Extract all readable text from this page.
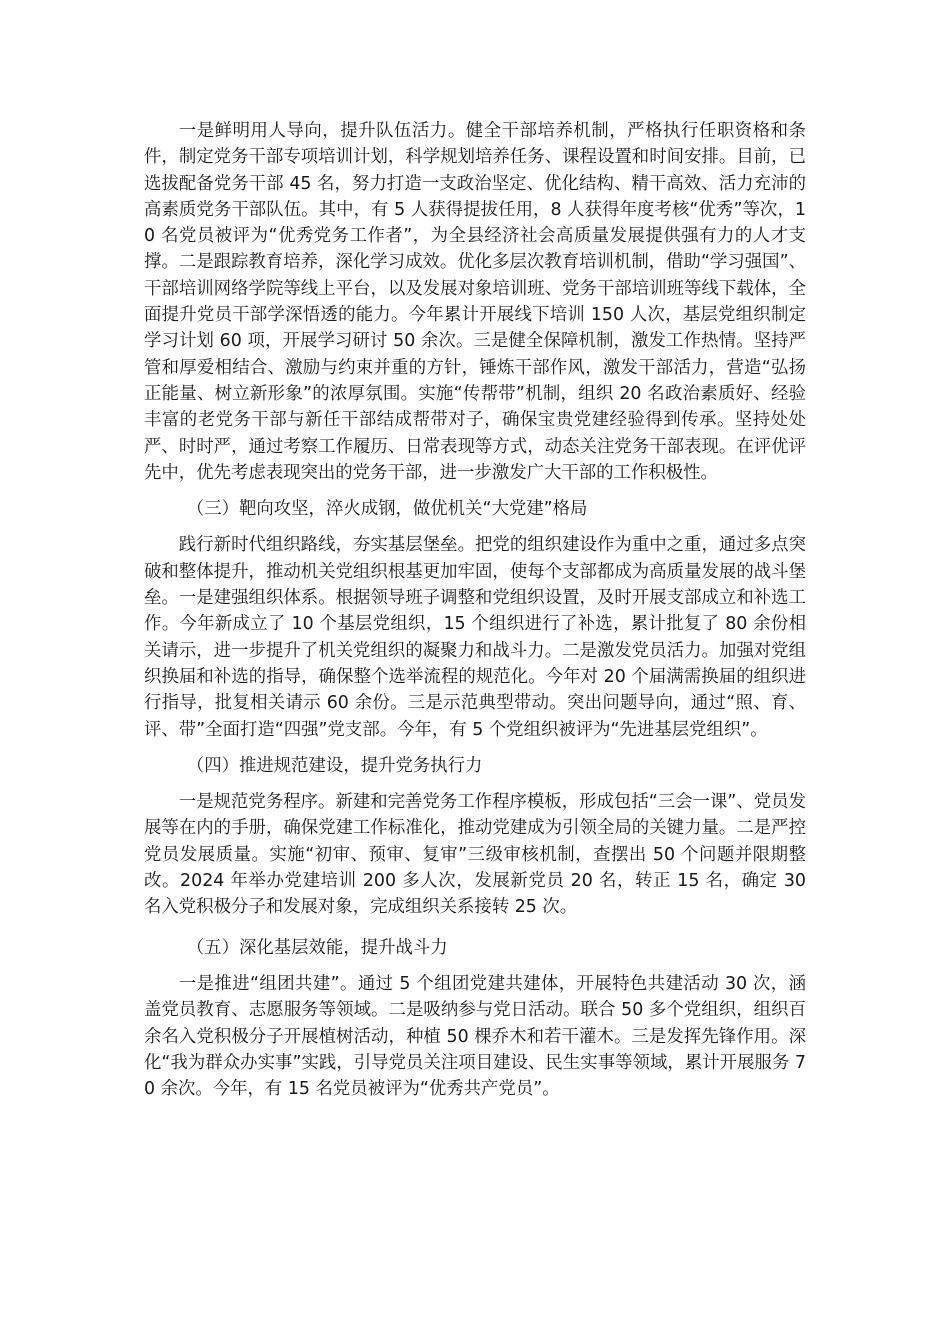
一是鲜明用人导向，提升队伍活力。健全干部培养机制，严格执行任职资格和条件，制定党务干部专项培训计划，科学规划培养任务、课程设置和时间安排。目前，已选拔配备党务干部 45 名，努力打造一支政治坚定、优化结构、精干高效、活力充沛的高素质党务干部队伍。其中，有 5 人获得提拔任用，8 人获得年度考核“优秀”等次，10 名党员被评为“优秀党务工作者”，为全县经济社会高质量发展提供强有力的人才支撑。二是跟踪教育培养，深化学习成效。优化多层次教育培训机制，借助“学习强国”、干部培训网络学院等线上平台，以及发展对象培训班、党务干部培训班等线下载体，全面提升党员干部学深悟透的能力。今年累计开展线下培训 150 人次，基层党组织制定学习计划 60 项，开展学习研讨 50 余次。三是健全保障机制，激发工作热情。坚持严管和厚爱相结合、激励与约束并重的方针，锤炼干部作风，激发干部活力，营造“弘扬正能量、树立新形象”的浓厚氛围。实施“传帮带”机制，组织 20 名政治素质好、经验丰富的老党务干部与新任干部结成帮带对子，确保宝贵党建经验得到传承。坚持处处严、时时严，通过考察工作履历、日常表现等方式，动态关注党务干部表现。在评优评先中，优先考虑表现突出的党务干部，进一步激发广大干部的工作积极性。

（三）靶向攻坚，淬火成钢，做优机关“大党建”格局

践行新时代组织路线，夯实基层堡垒。把党的组织建设作为重中之重，通过多点突破和整体提升，推动机关党组织根基更加牢固，使每个支部都成为高质量发展的战斗堡垒。一是建强组织体系。根据领导班子调整和党组织设置，及时开展支部成立和补选工作。今年新成立了 10 个基层党组织，15 个组织进行了补选，累计批复了 80 余份相关请示，进一步提升了机关党组织的凝聚力和战斗力。二是激发党员活力。加强对党组织换届和补选的指导，确保整个选举流程的规范化。今年对 20 个届满需换届的组织进行指导，批复相关请示 60 余份。三是示范典型带动。突出问题导向，通过“照、育、评、带”全面打造“四强”党支部。今年，有 5 个党组织被评为“先进基层党组织”。

（四）推进规范建设，提升党务执行力

一是规范党务程序。新建和完善党务工作程序模板，形成包括“三会一课”、党员发展等在内的手册，确保党建工作标准化，推动党建成为引领全局的关键力量。二是严控党员发展质量。实施“初审、预审、复审”三级审核机制，查摆出 50 个问题并限期整改。2024 年举办党建培训 200 多人次，发展新党员 20 名，转正 15 名，确定 30 名入党积极分子和发展对象，完成组织关系接转 25 次。

（五）深化基层效能，提升战斗力

一是推进“组团共建”。通过 5 个组团党建共建体，开展特色共建活动 30 次，涵盖党员教育、志愿服务等领域。二是吸纳参与党日活动。联合 50 多个党组织，组织百余名入党积极分子开展植树活动，种植 50 棵乔木和若干灌木。三是发挥先锋作用。深化“我为群众办实事”实践，引导党员关注项目建设、民生实事等领域，累计开展服务 70 余次。今年，有 15 名党员被评为“优秀共产党员”。
